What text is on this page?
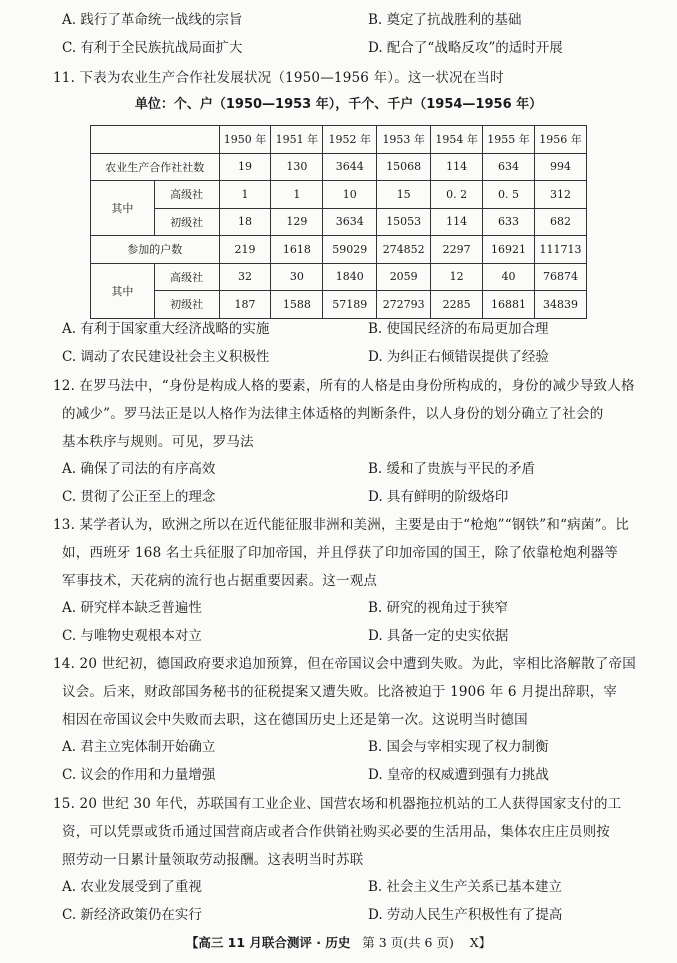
A. 践行了革命统一战线的宗旨	B. 奠定了抗战胜利的基础
C. 有利于全民族抗战局面扩大	D. 配合了“战略反攻”的适时开展
11. 下表为农业生产合作社发展状况（1950—1956 年）。这一状况在当时
单位：个、户（1950—1953 年），千个、千户（1954—1956 年）
		1950 年	1951 年	1952 年	1953 年	1954 年	1955 年	1956 年
农业生产合作社社数		19	130	3644	15068	114	634	994
其中	高级社	1	1	10	15	0. 2	0. 5	312
	初级社	18	129	3634	15053	114	633	682
参加的户数		219	1618	59029	274852	2297	16921	111713
其中	高级社	32	30	1840	2059	12	40	76874
	初级社	187	1588	57189	272793	2285	16881	34839
A. 有利于国家重大经济战略的实施	B. 使国民经济的布局更加合理
C. 调动了农民建设社会主义积极性	D. 为纠正右倾错误提供了经验
12. 在罗马法中，“身份是构成人格的要素，所有的人格是由身份所构成的，身份的减少导致人格
的减少”。罗马法正是以人格作为法律主体适格的判断条件，以人身份的划分确立了社会的
基本秩序与规则。可见，罗马法
A. 确保了司法的有序高效	B. 缓和了贵族与平民的矛盾
C. 贯彻了公正至上的理念	D. 具有鲜明的阶级烙印
13. 某学者认为，欧洲之所以在近代能征服非洲和美洲，主要是由于“枪炮”“钢铁”和“病菌”。比
如，西班牙 168 名士兵征服了印加帝国，并且俘获了印加帝国的国王，除了依靠枪炮利器等
军事技术，天花病的流行也占据重要因素。这一观点
A. 研究样本缺乏普遍性	B. 研究的视角过于狭窄
C. 与唯物史观根本对立	D. 具备一定的史实依据
14. 20 世纪初，德国政府要求追加预算，但在帝国议会中遭到失败。为此，宰相比洛解散了帝国
议会。后来，财政部国务秘书的征税提案又遭失败。比洛被迫于 1906 年 6 月提出辞职，宰
相因在帝国议会中失败而去职，这在德国历史上还是第一次。这说明当时德国
A. 君主立宪体制开始确立	B. 国会与宰相实现了权力制衡
C. 议会的作用和力量增强	D. 皇帝的权威遭到强有力挑战
15. 20 世纪 30 年代，苏联国有工业企业、国营农场和机器拖拉机站的工人获得国家支付的工
资，可以凭票或货币通过国营商店或者合作供销社购买必要的生活用品，集体农庄庄员则按
照劳动一日累计量领取劳动报酬。这表明当时苏联
A. 农业发展受到了重视	B. 社会主义生产关系已基本建立
C. 新经济政策仍在实行	D. 劳动人民生产积极性有了提高
【高三 11 月联合测评 · 历史 第 3 页(共 6 页) X】
